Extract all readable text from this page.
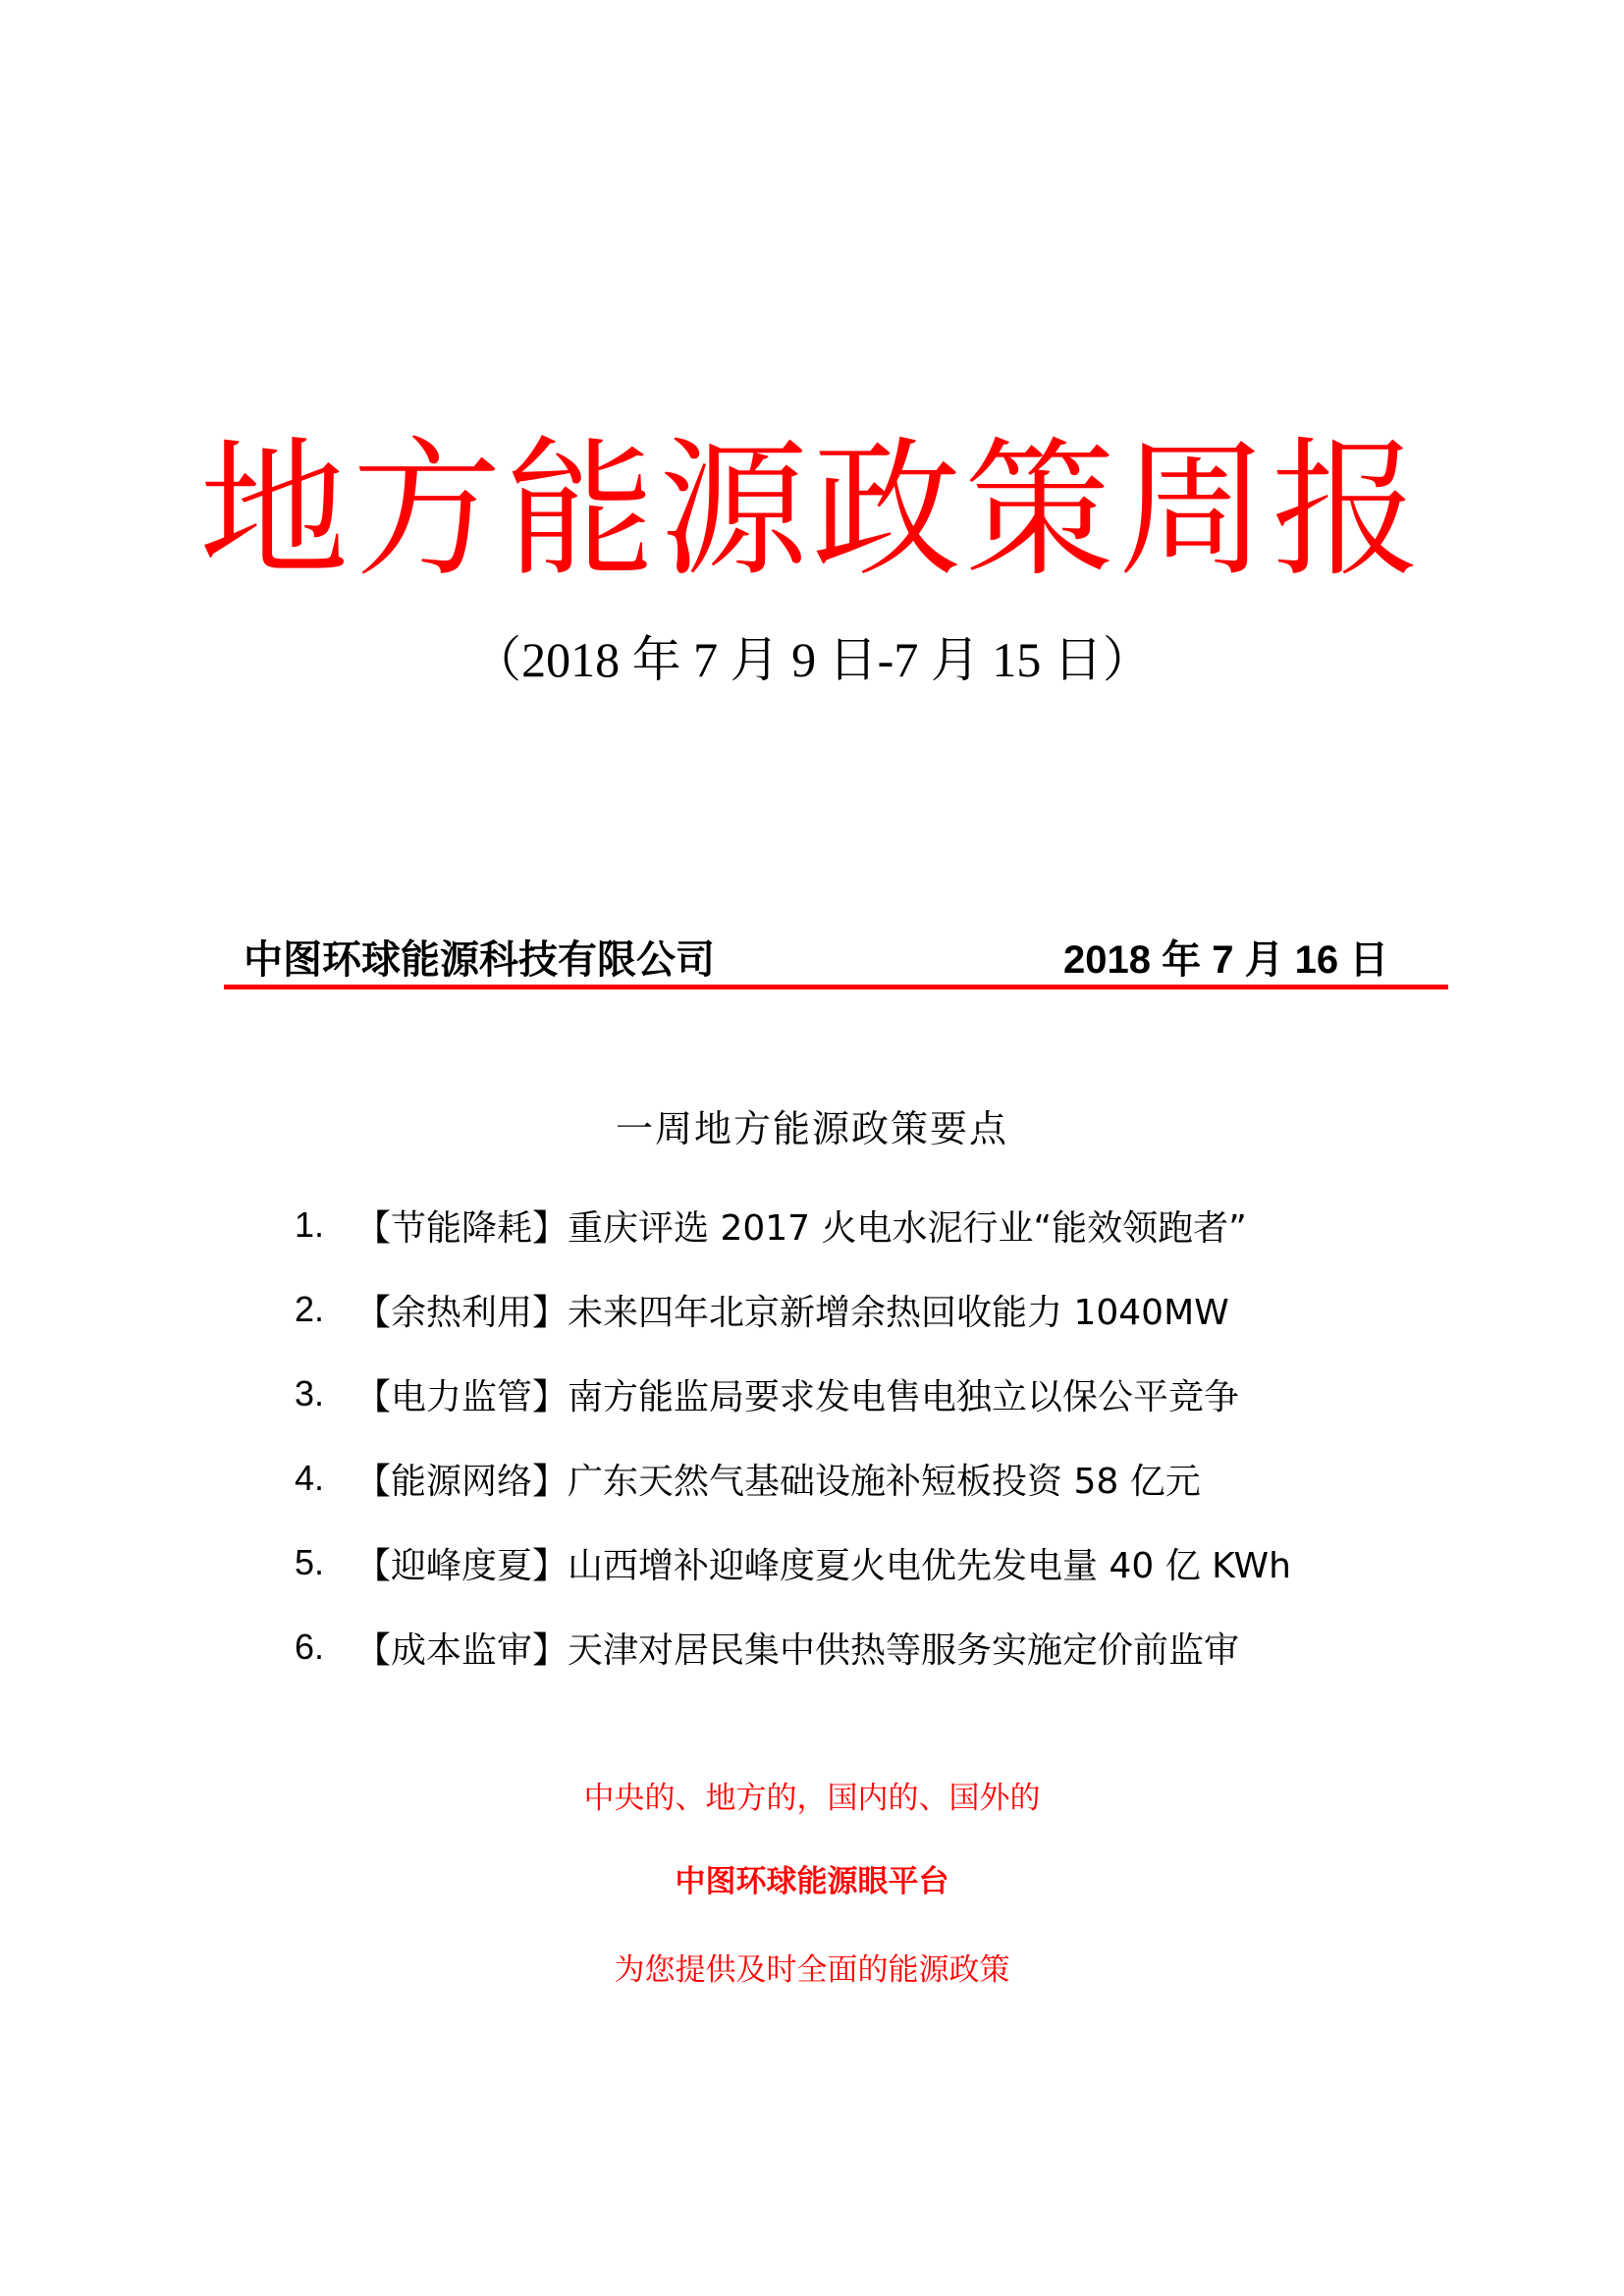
地方能源政策周报
（2018 年 7 月 9 日-7 月 15 日）
中图环球能源科技有限公司	2018 年 7 月 16 日
一周地方能源政策要点
1. 【节能降耗】 重庆评选 2017 火电水泥行业“能效领跑者”
2. 【余热利用】 未来四年北京新增余热回收能力 1040MW
3. 【电力监管】 南方能监局要求发电售电独立以保公平竞争
4. 【能源网络】 广东天然气基础设施补短板投资 58 亿元
5. 【迎峰度夏】 山西增补迎峰度夏火电优先发电量 40 亿 KWh
6. 【成本监审】 天津对居民集中供热等服务实施定价前监审
中央的、地方的，国内的、国外的
中图环球能源眼平台
为您提供及时全面的能源政策
